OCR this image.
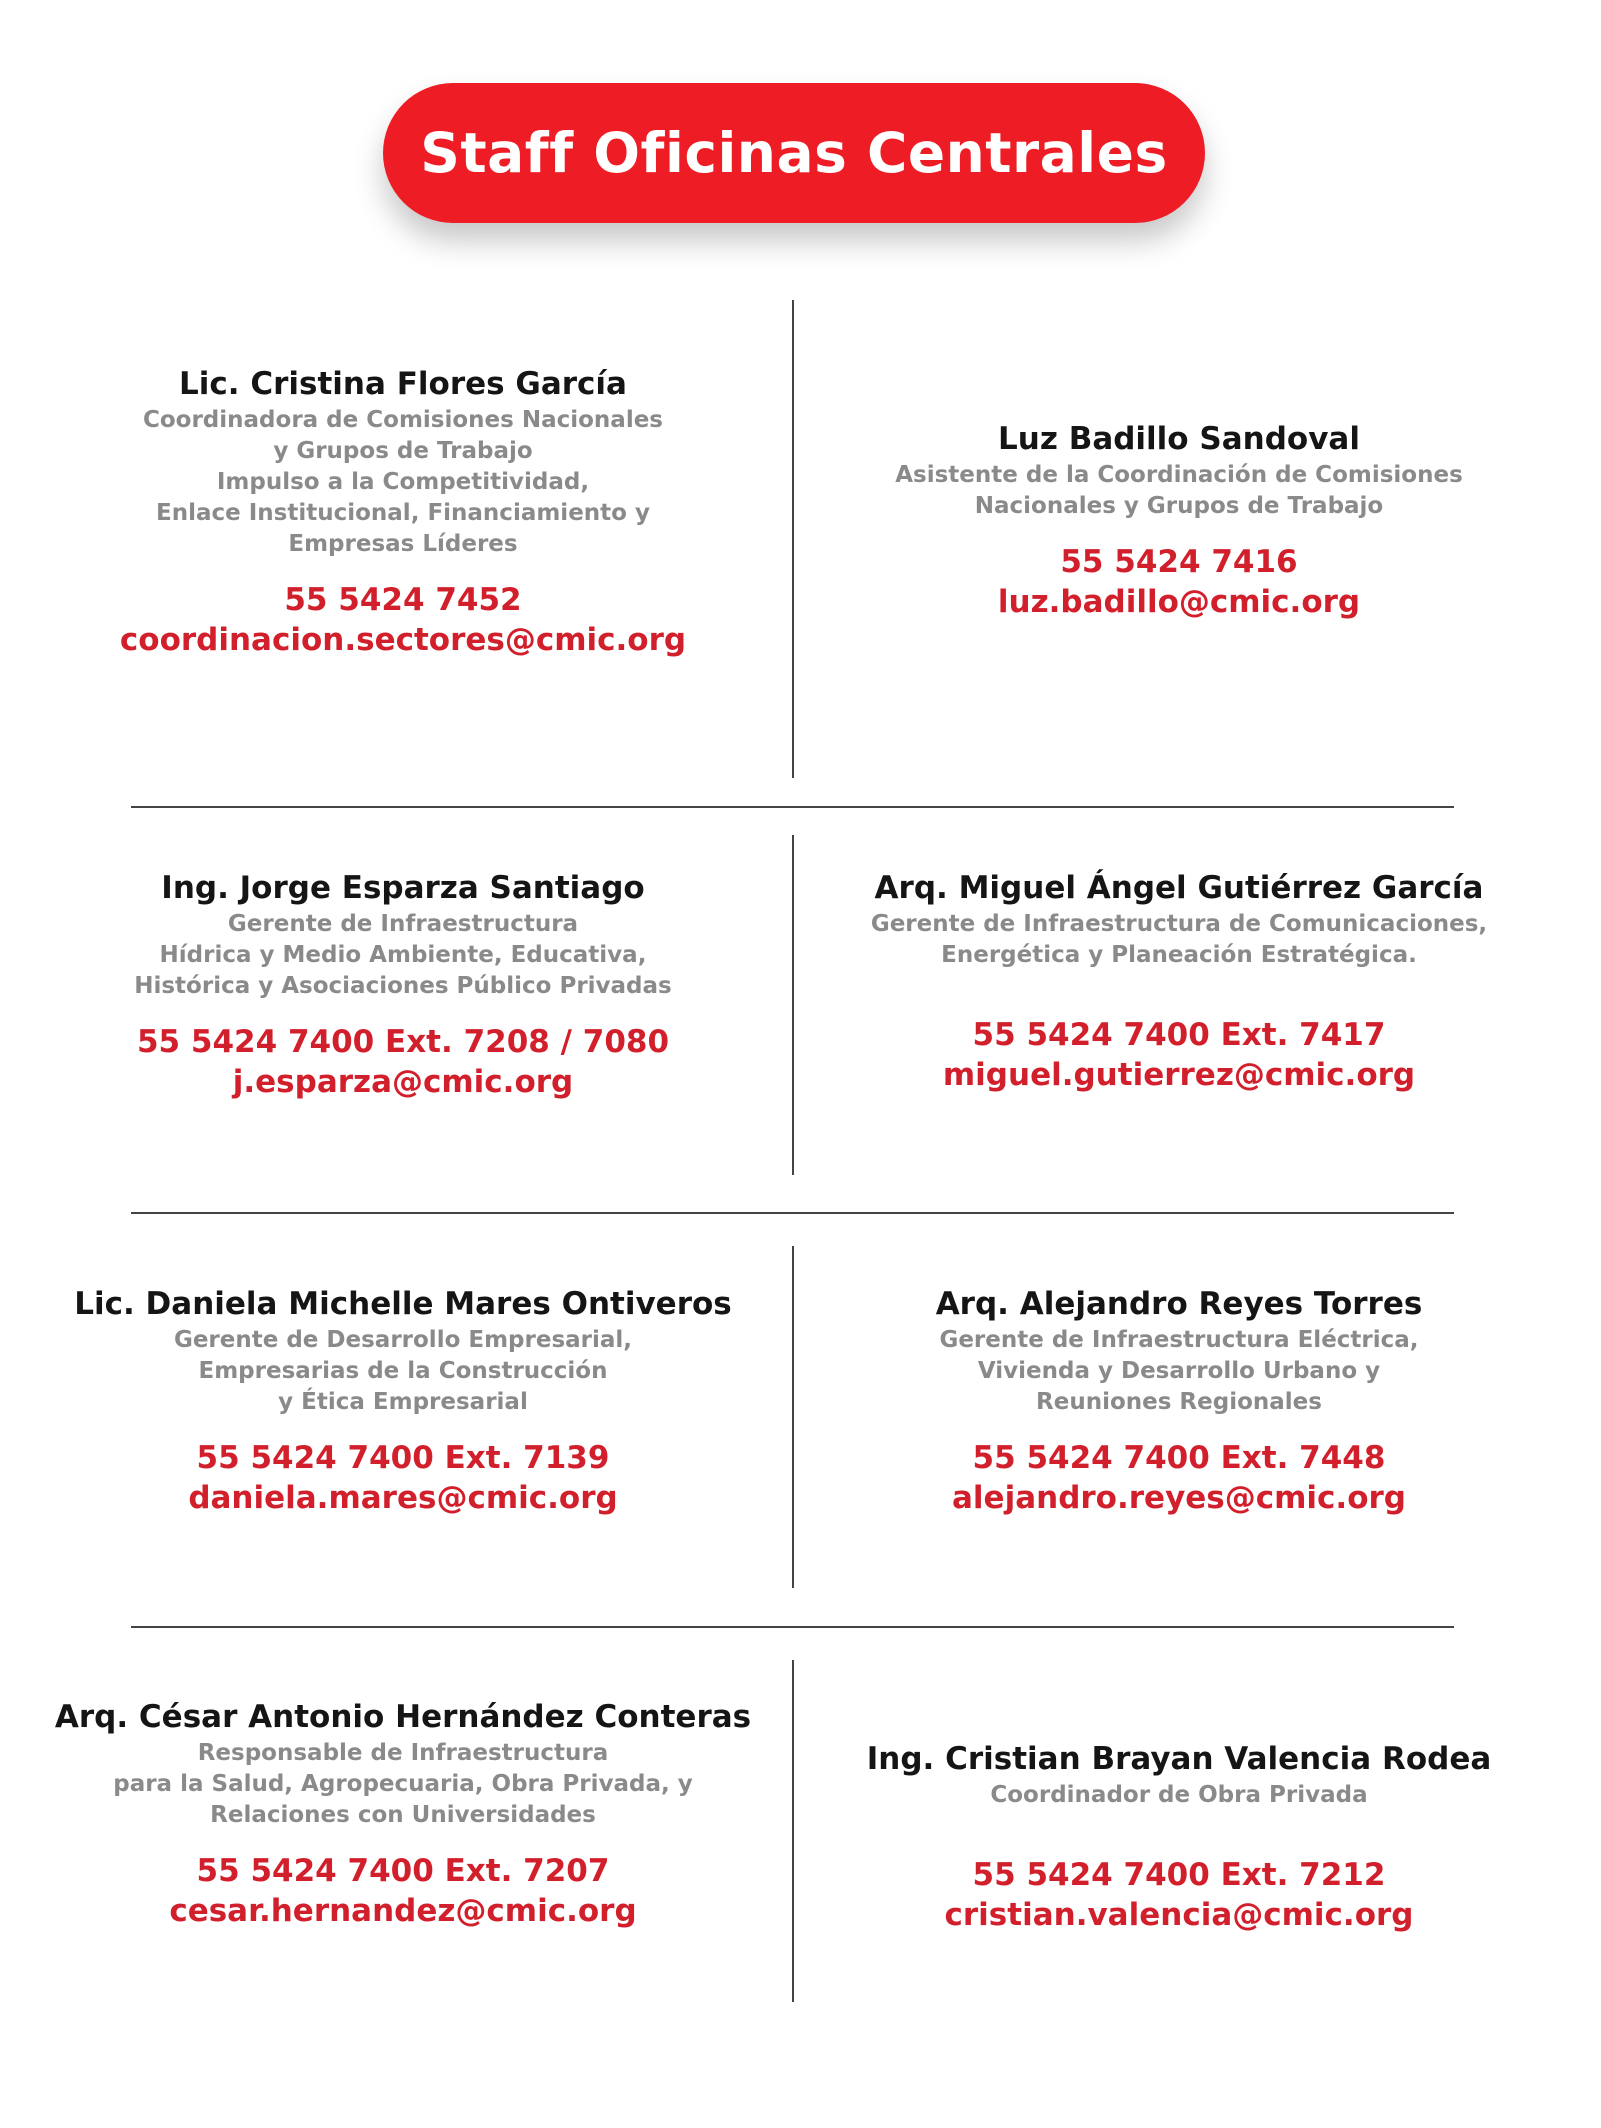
Staff Oficinas Centrales
Lic. Cristina Flores García
Coordinadora de Comisiones Nacionales
y Grupos de Trabajo
Impulso a la Competitividad,
Enlace Institucional, Financiamiento y
Empresas Líderes
55 5424 7452
coordinacion.sectores@cmic.org
Luz Badillo Sandoval
Asistente de la Coordinación de Comisiones
Nacionales y Grupos de Trabajo
55 5424 7416
luz.badillo@cmic.org
Ing. Jorge Esparza Santiago
Gerente de Infraestructura
Hídrica y Medio Ambiente, Educativa,
Histórica y Asociaciones Público Privadas
55 5424 7400 Ext. 7208 / 7080
j.esparza@cmic.org
Arq. Miguel Ángel Gutiérrez García
Gerente de Infraestructura de Comunicaciones,
Energética y Planeación Estratégica.
55 5424 7400 Ext. 7417
miguel.gutierrez@cmic.org
Lic. Daniela Michelle Mares Ontiveros
Gerente de Desarrollo Empresarial,
Empresarias de la Construcción
y Ética Empresarial
55 5424 7400 Ext. 7139
daniela.mares@cmic.org
Arq. Alejandro Reyes Torres
Gerente de Infraestructura Eléctrica,
Vivienda y Desarrollo Urbano y
Reuniones Regionales
55 5424 7400 Ext. 7448
alejandro.reyes@cmic.org
Arq. César Antonio Hernández Conteras
Responsable de Infraestructura
para la Salud, Agropecuaria, Obra Privada, y
Relaciones con Universidades
55 5424 7400 Ext. 7207
cesar.hernandez@cmic.org
Ing. Cristian Brayan Valencia Rodea
Coordinador de Obra Privada
55 5424 7400 Ext. 7212
cristian.valencia@cmic.org
